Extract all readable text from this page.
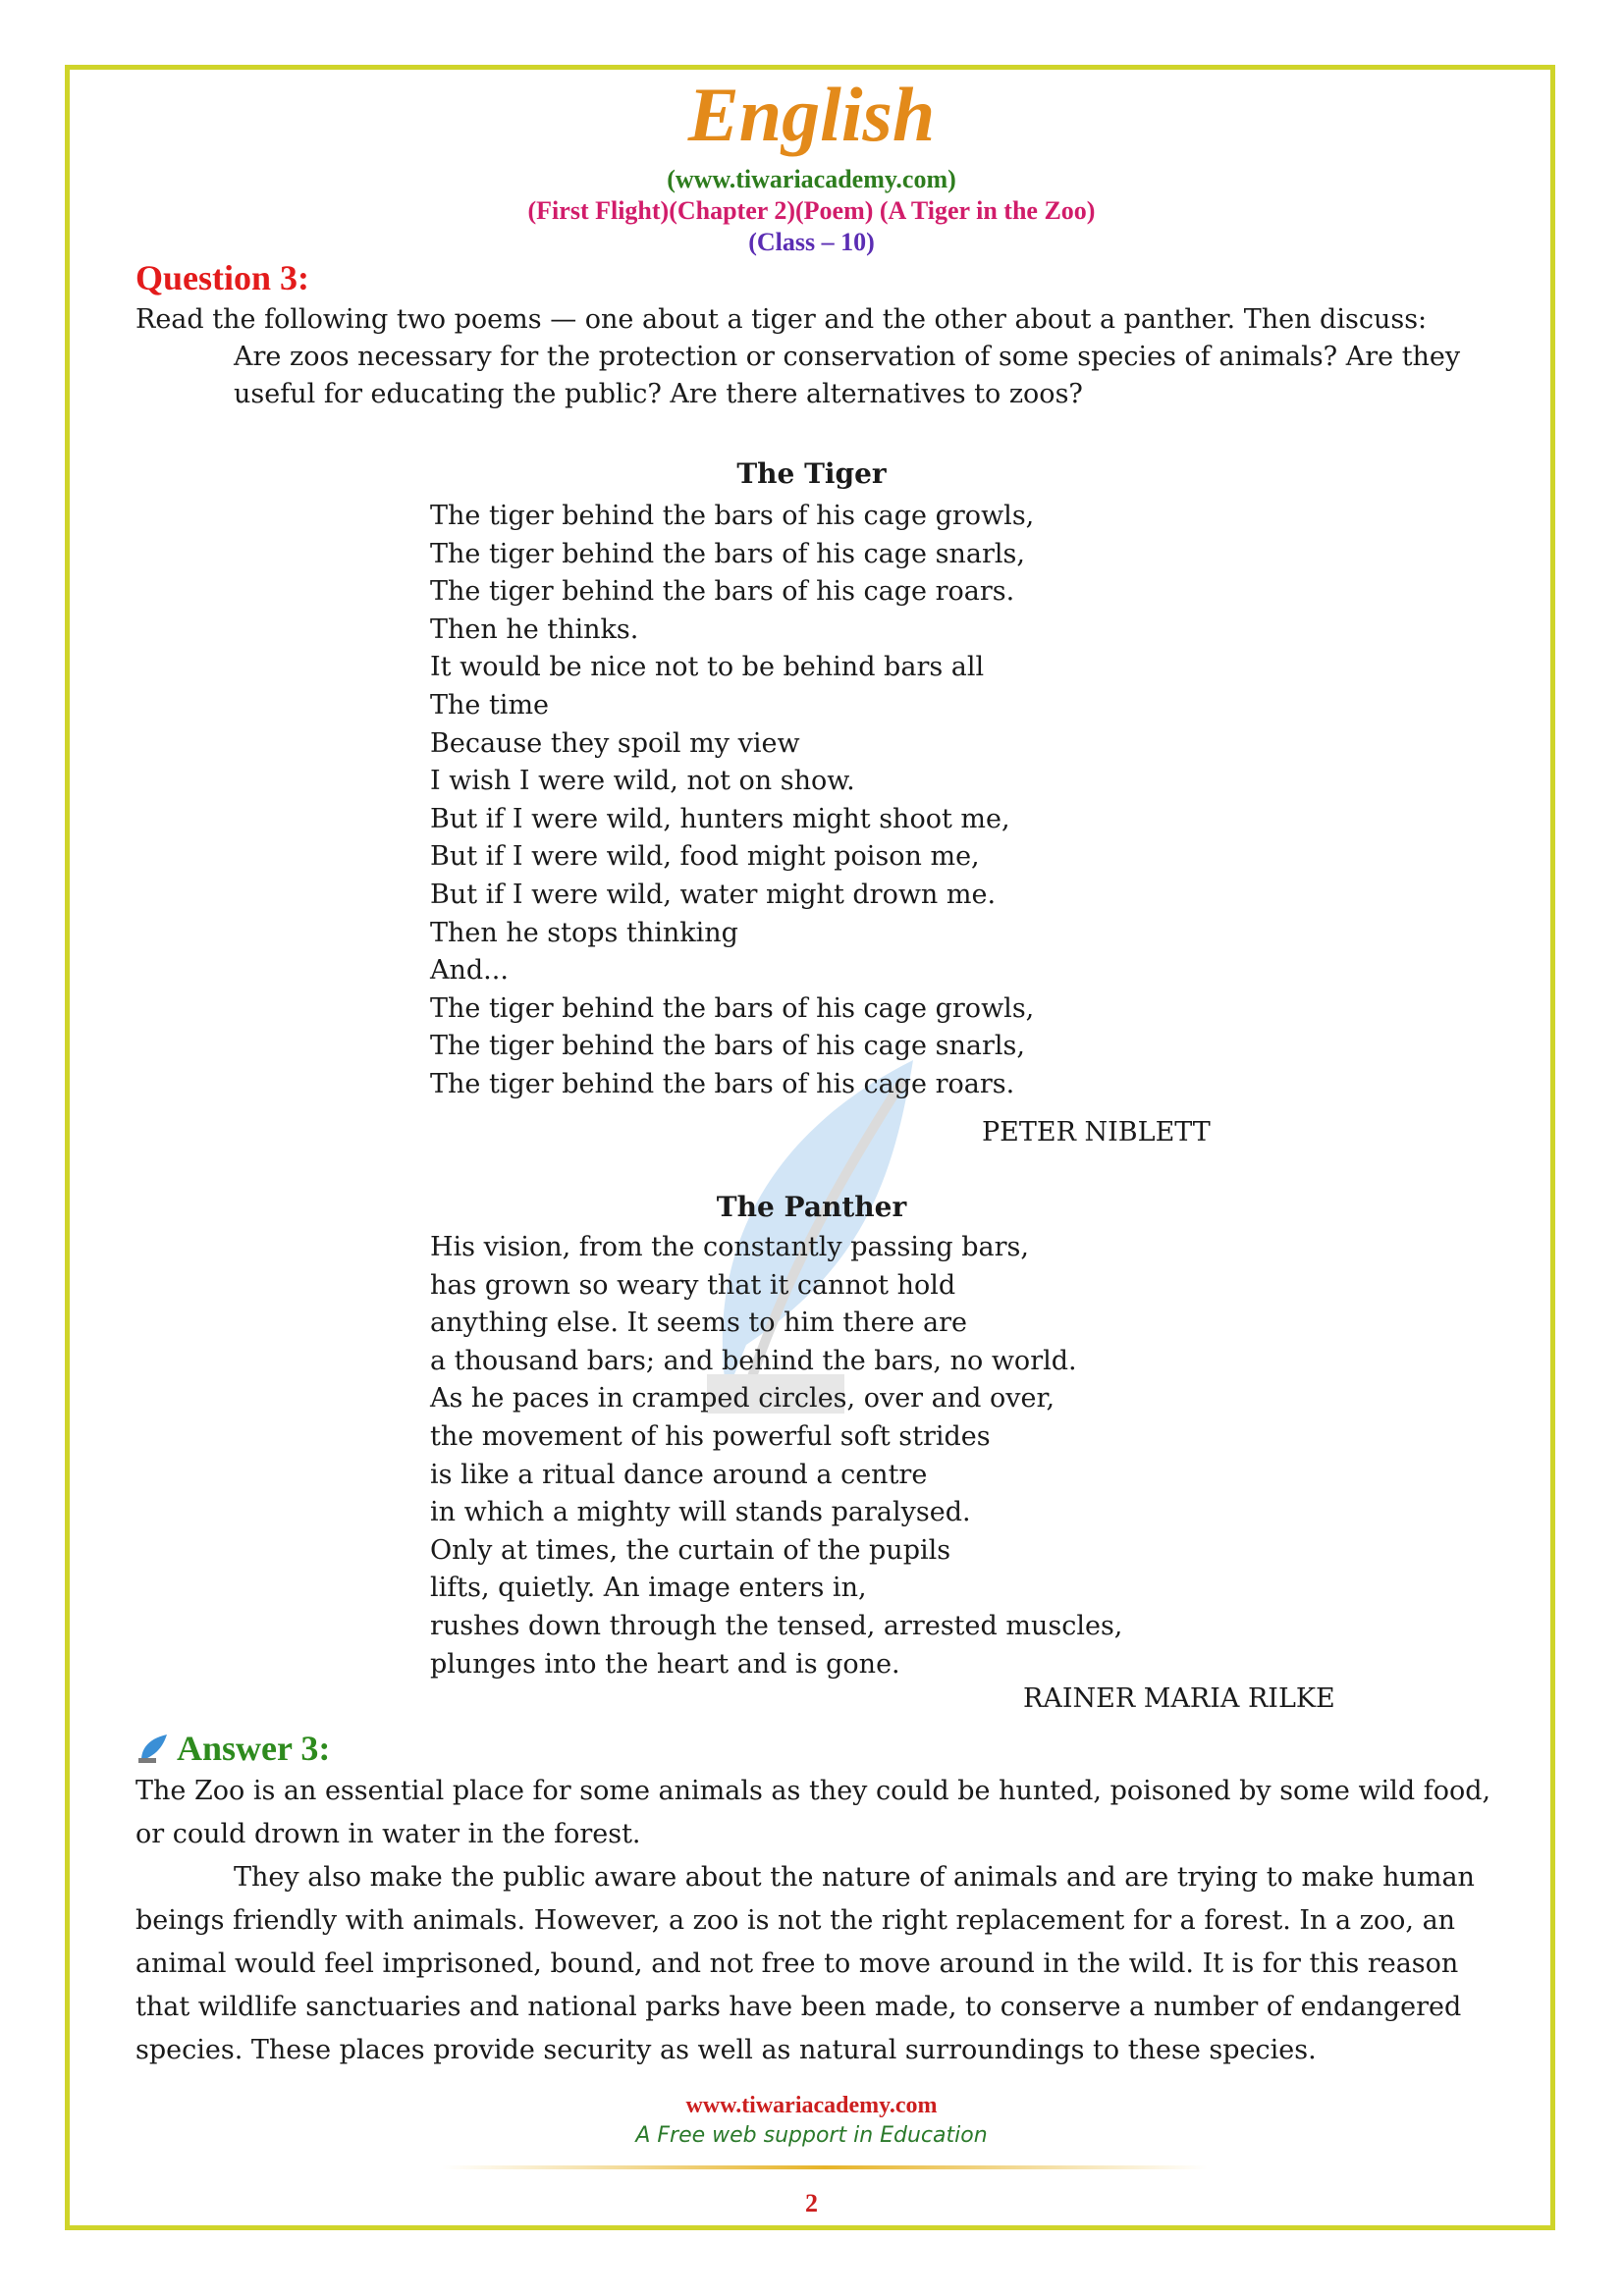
English
(www.tiwariacademy.com)
(First Flight)(Chapter 2)(Poem) (A Tiger in the Zoo)
(Class – 10)
Question 3:
Read the following two poems — one about a tiger and the other about a panther. Then discuss:
Are zoos necessary for the protection or conservation of some species of animals? Are they useful for educating the public? Are there alternatives to zoos?
The Tiger
The tiger behind the bars of his cage growls,
The tiger behind the bars of his cage snarls,
The tiger behind the bars of his cage roars.
Then he thinks.
It would be nice not to be behind bars all
The time
Because they spoil my view
I wish I were wild, not on show.
But if I were wild, hunters might shoot me,
But if I were wild, food might poison me,
But if I were wild, water might drown me.
Then he stops thinking
And...
The tiger behind the bars of his cage growls,
The tiger behind the bars of his cage snarls,
The tiger behind the bars of his cage roars.
PETER NIBLETT
The Panther
His vision, from the constantly passing bars,
has grown so weary that it cannot hold
anything else. It seems to him there are
a thousand bars; and behind the bars, no world.
As he paces in cramped circles, over and over,
the movement of his powerful soft strides
is like a ritual dance around a centre
in which a mighty will stands paralysed.
Only at times, the curtain of the pupils
lifts, quietly. An image enters in,
rushes down through the tensed, arrested muscles,
plunges into the heart and is gone.
RAINER MARIA RILKE
Answer 3:
The Zoo is an essential place for some animals as they could be hunted, poisoned by some wild food, or could drown in water in the forest.
They also make the public aware about the nature of animals and are trying to make human beings friendly with animals. However, a zoo is not the right replacement for a forest. In a zoo, an animal would feel imprisoned, bound, and not free to move around in the wild. It is for this reason that wildlife sanctuaries and national parks have been made, to conserve a number of endangered species. These places provide security as well as natural surroundings to these species.
www.tiwariacademy.com
A Free web support in Education
2
